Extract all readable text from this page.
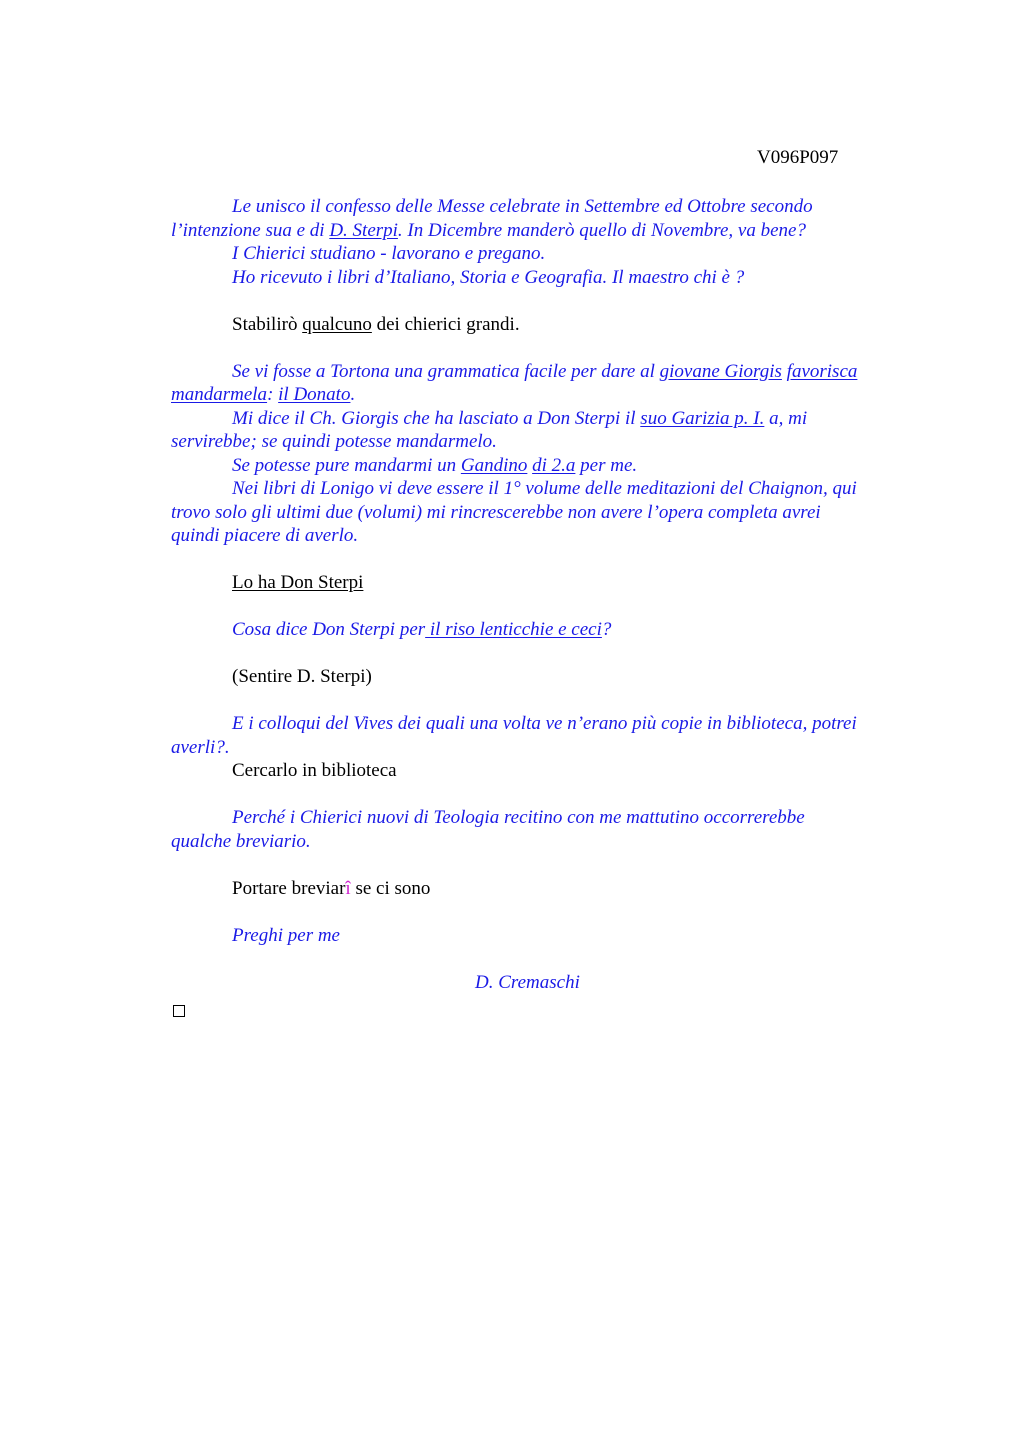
V096P097
Le unisco il confesso delle Messe celebrate in Settembre ed Ottobre secondo
l’intenzione sua e di D. Sterpi. In Dicembre manderò quello di Novembre, va bene?
I Chierici studiano - lavorano e pregano.
Ho ricevuto i libri d’Italiano, Storia e Geografia. Il maestro chi è ?
Stabilirò qualcuno dei chierici grandi.
Se vi fosse a Tortona una grammatica facile per dare al giovane Giorgis favorisca
mandarmela: il Donato.
Mi dice il Ch. Giorgis che ha lasciato a Don Sterpi il suo Garizia p. I. a, mi
servirebbe; se quindi potesse mandarmelo.
Se potesse pure mandarmi un Gandino di 2.a per me.
Nei libri di Lonigo vi deve essere il 1° volume delle meditazioni del Chaignon, qui
trovo solo gli ultimi due (volumi) mi rincrescerebbe non avere l’opera completa avrei
quindi piacere di averlo.
Lo ha Don Sterpi
Cosa dice Don Sterpi per il riso lenticchie e ceci?
(Sentire D. Sterpi)
E i colloqui del Vives dei quali una volta ve n’erano più copie in biblioteca, potrei
averli?.
Cercarlo in biblioteca
Perché i Chierici nuovi di Teologia recitino con me mattutino occorrerebbe
qualche breviario.
Portare breviarî se ci sono
Preghi per me
D. Cremaschi
